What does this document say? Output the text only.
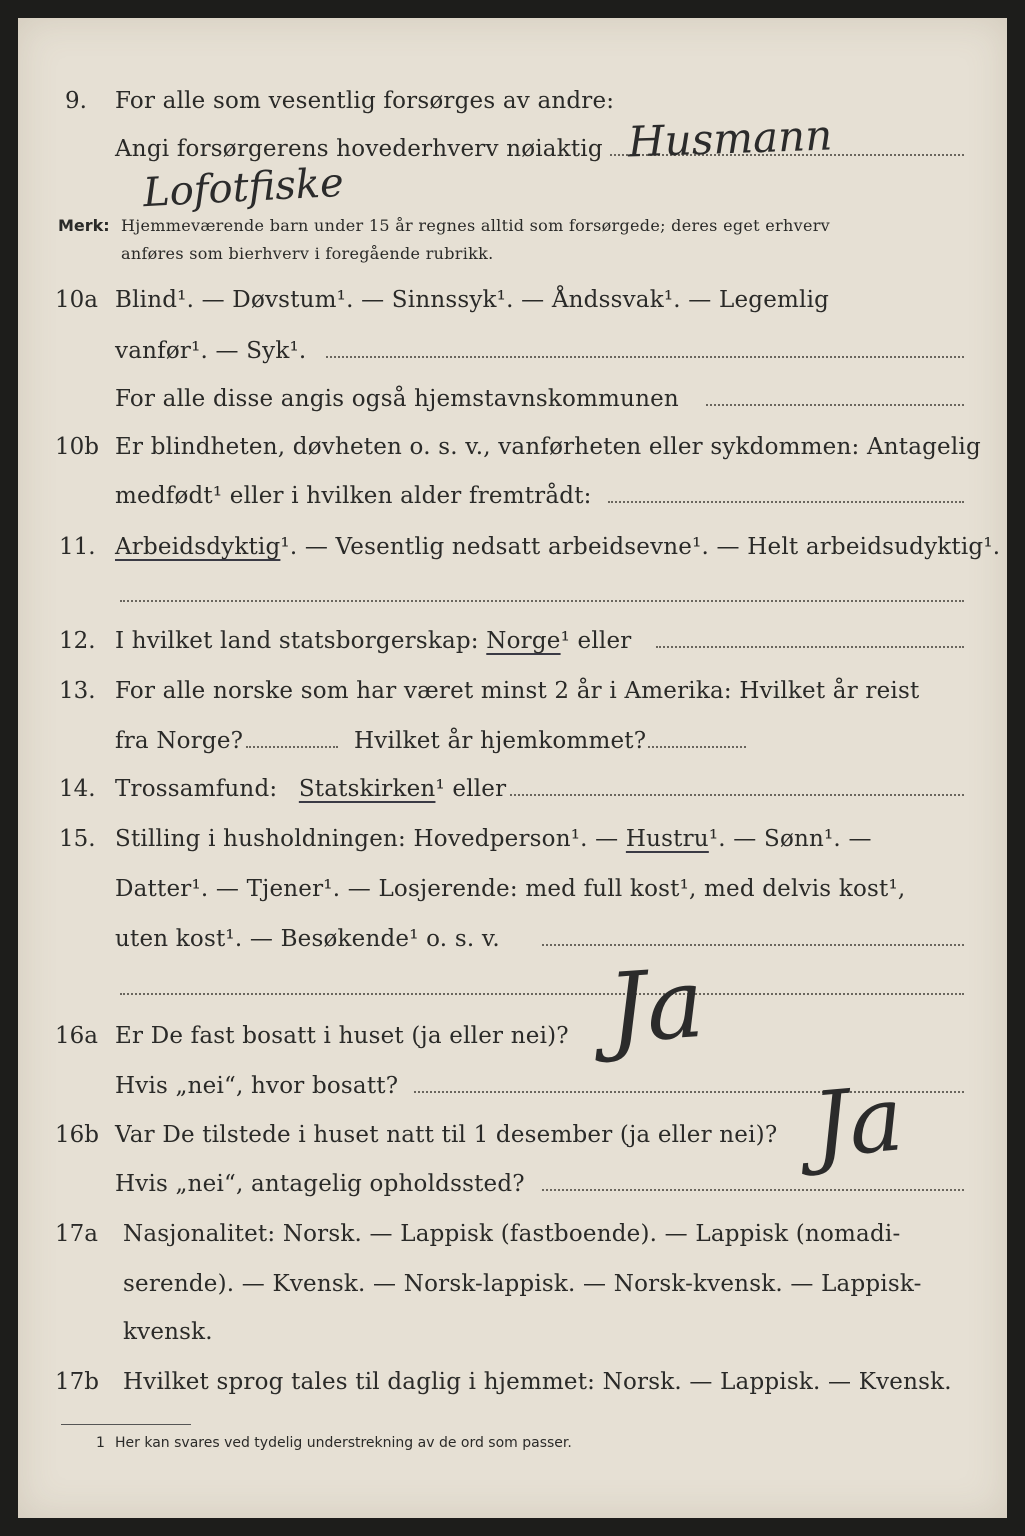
9. For alle som vesentlig forsørges av andre:
Angi forsørgerens hovederhverv nøiaktig Husmann
Lofotfiske
Merk: Hjemmeværende barn under 15 år regnes alltid som forsørgede; deres eget erhverv
anføres som bierhverv i foregående rubrikk.
10a Blind¹. — Døvstum¹. — Sinnssyk¹. — Åndssvak¹. — Legemlig
vanfør¹. — Syk¹.
For alle disse angis også hjemstavnskommunen
10b Er blindheten, døvheten o. s. v., vanførheten eller sykdommen: Antagelig
medfødt¹ eller i hvilken alder fremtrådt:
11. Arbeidsdyktig¹. — Vesentlig nedsatt arbeidsevne¹. — Helt arbeidsudyktig¹.
12. I hvilket land statsborgerskap: Norge¹ eller
13. For alle norske som har været minst 2 år i Amerika: Hvilket år reist
fra Norge?	Hvilket år hjemkommet?
14. Trossamfund: Statskirken¹ eller
15. Stilling i husholdningen: Hovedperson¹. — Hustru¹. — Sønn¹. —
Datter¹. — Tjener¹. — Losjerende: med full kost¹, med delvis kost¹,
uten kost¹. — Besøkende¹ o. s. v.
16a Er De fast bosatt i huset (ja eller nei)?
Hvis „nei“, hvor bosatt?
Ja
16b Var De tilstede i huset natt til 1 desember (ja eller nei)?
Hvis „nei“, antagelig opholdssted?
Ja
17a Nasjonalitet: Norsk. — Lappisk (fastboende). — Lappisk (nomadi-
serende). — Kvensk. — Norsk-lappisk. — Norsk-kvensk. — Lappisk-
kvensk.
17b Hvilket sprog tales til daglig i hjemmet: Norsk. — Lappisk. — Kvensk.
1 Her kan svares ved tydelig understrekning av de ord som passer.
